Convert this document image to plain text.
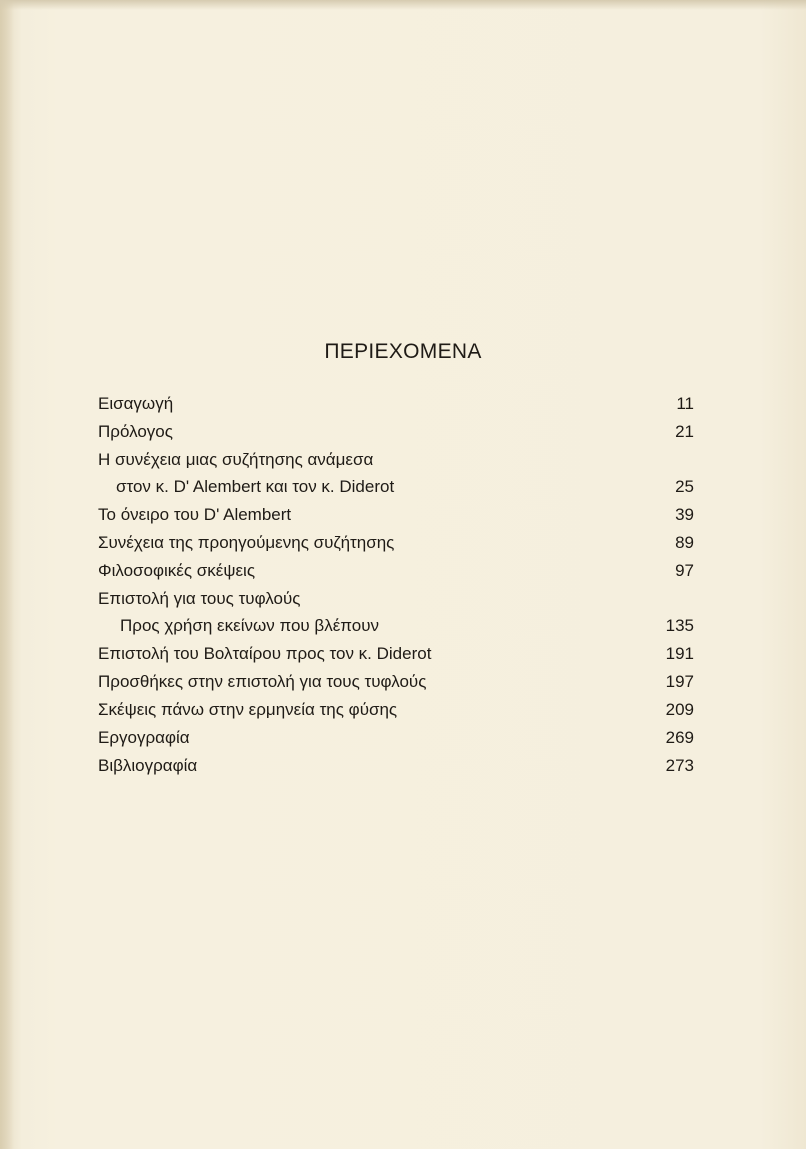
ΠΕΡΙΕΧΟΜΕΝΑ
Εισαγωγή	11
Πρόλογος	21
Η συνέχεια μιας συζήτησης ανάμεσα
στον κ. D' Alembert και τον κ. Diderot	25
Το όνειρο του D' Alembert	39
Συνέχεια της προηγούμενης συζήτησης	89
Φιλοσοφικές σκέψεις	97
Επιστολή για τους τυφλούς
Προς χρήση εκείνων που βλέπουν	135
Επιστολή του Βολταίρου προς τον κ. Diderot	191
Προσθήκες στην επιστολή για τους τυφλούς	197
Σκέψεις πάνω στην ερμηνεία της φύσης	209
Εργογραφία	269
Βιβλιογραφία	273
